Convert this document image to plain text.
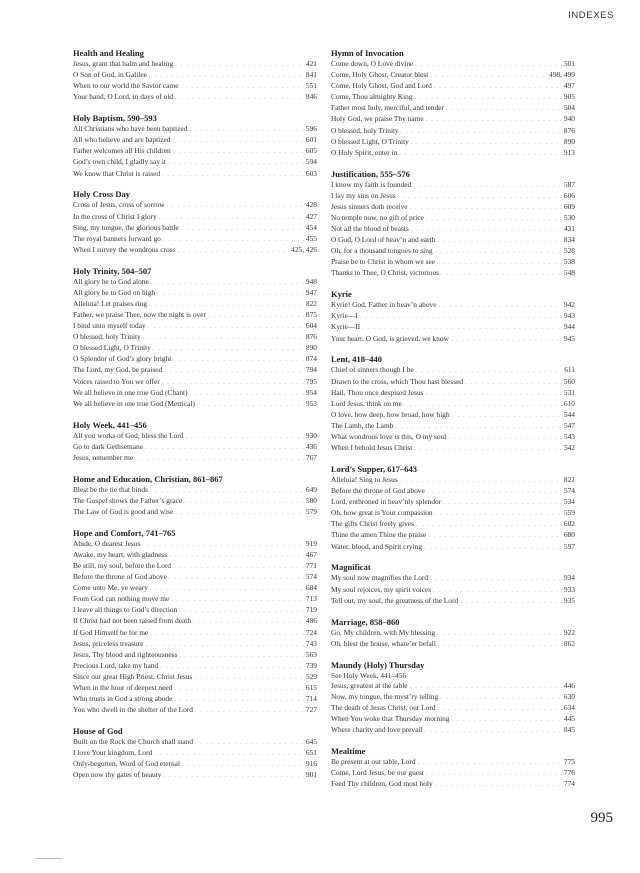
INDEXES
Health and Healing
Jesus, grant that balm and healing . . .	421
O Son of God, in Galilee . . .	841
When to our world the Savior came . . .	551
Your hand, O Lord, in days of old . . .	846
Holy Baptism, 590–593
All Christians who have been baptized . . .	596
All who believe and are baptized . . .	601
Father welcomes all His children . . .	605
God’s own child, I gladly say it . . .	594
We know that Christ is raised . . .	603
Holy Cross Day
Cross of Jesus, cross of sorrow . . .	428
In the cross of Christ I glory . . .	427
Sing, my tongue, the glorious battle . . .	454
The royal banners forward go . . .	455
When I survey the wondrous cross . . .	425, 426
Holy Trinity, 504–507
All glory be to God alone . . .	948
All glory be to God on high . . .	947
Alleluia! Let praises ring . . .	822
Father, we praise Thee, now the night is over . . .	875
I bind unto myself today . . .	604
O blessed, holy Trinity . . .	876
O blessed Light, O Trinity . . .	890
O Splendor of God’s glory bright . . .	874
The Lord, my God, be praised . . .	794
Voices raised to You we offer . . .	795
We all believe in one true God (Chant) . . .	954
We all believe in one true God (Metrical) . . .	953
Holy Week, 441–456
All you works of God, bless the Lord . . .	930
Go to dark Gethsemane . . .	436
Jesus, remember me . . .	767
Home and Education, Christian, 861–867
Blest be the tie that binds . . .	649
The Gospel shows the Father’s grace . . .	580
The Law of God is good and wise . . .	579
Hope and Comfort, 741–765
Abide, O dearest Jesus . . .	919
Awake, my heart, with gladness . . .	467
Be still, my soul, before the Lord . . .	771
Before the throne of God above . . .	574
Come unto Me, ye weary . . .	684
From God can nothing move me . . .	713
I leave all things to God’s direction . . .	719
If Christ had not been raised from death . . .	486
If God Himself be for me . . .	724
Jesus, priceless treasure . . .	743
Jesus, Thy blood and righteousness . . .	563
Precious Lord, take my hand . . .	739
Since our great High Priest, Christ Jesus . . .	529
When in the hour of deepest need . . .	615
Who trusts in God a strong abode . . .	714
You who dwell in the shelter of the Lord . . .	727
House of God
Built on the Rock the Church shall stand . . .	645
I love Your kingdom, Lord . . .	651
Only-begotten, Word of God eternal . . .	916
Open now thy gates of beauty . . .	901
Hymn of Invocation
Come down, O Love divine . . .	501
Come, Holy Ghost, Creator blest . . .	498, 499
Come, Holy Ghost, God and Lord . . .	497
Come, Thou almighty King . . .	905
Father most holy, merciful, and tender . . .	504
Holy God, we praise Thy name . . .	940
O blessed, holy Trinity . . .	876
O blessed Light, O Trinity . . .	890
O Holy Spirit, enter in . . .	913
Justification, 555–576
I know my faith is founded . . .	587
I lay my sins on Jesus . . .	606
Jesus sinners doth receive . . .	609
No temple now, no gift of price . . .	530
Not all the blood of beasts . . .	431
O God, O Lord of heav’n and earth . . .	834
Oh, for a thousand tongues to sing . . .	528
Praise be to Christ in whom we see . . .	538
Thanks to Thee, O Christ, victorious . . .	548
Kyrie
Kyrie! God, Father in heav’n above . . .	942
Kyrie—I . . .	943
Kyrie—II . . .	944
Your heart, O God, is grieved, we know . . .	945
Lent, 418–440
Chief of sinners though I be . . .	611
Drawn to the cross, which Thou hast blessed . . .	560
Hail, Thou once despised Jesus . . .	531
Lord Jesus, think on me . . .	610
O love, how deep, how broad, how high . . .	544
The Lamb, the Lamb . . .	547
What wondrous love is this, O my soul . . .	543
When I behold Jesus Christ . . .	542
Lord’s Supper, 617–643
Alleluia! Sing to Jesus . . .	821
Before the throne of God above . . .	574
Lord, enthroned in heav’nly splendor . . .	534
Oh, how great is Your compassion . . .	559
The gifts Christ freely gives . . .	602
Thine the amen Thine the praise . . .	680
Water, blood, and Spirit crying . . .	597
Magnificat
My soul now magnifies the Lord . . .	934
My soul rejoices, my spirit voices . . .	933
Tell out, my soul, the greatness of the Lord . . .	935
Marriage, 858–860
Go, My children, with My blessing . . .	922
Oh, blest the house, whate’er befall . . .	862
Maundy (Holy) Thursday
See Holy Week, 441–456
Jesus, greatest at the table . . .	446
Now, my tongue, the myst’ry telling . . .	630
The death of Jesus Christ, our Lord . . .	634
When You woke that Thursday morning . . .	445
Where charity and love prevail . . .	845
Mealtime
Be present at our table, Lord . . .	775
Come, Lord Jesus, be our guest . . .	776
Feed Thy children, God most holy . . .	774
995
